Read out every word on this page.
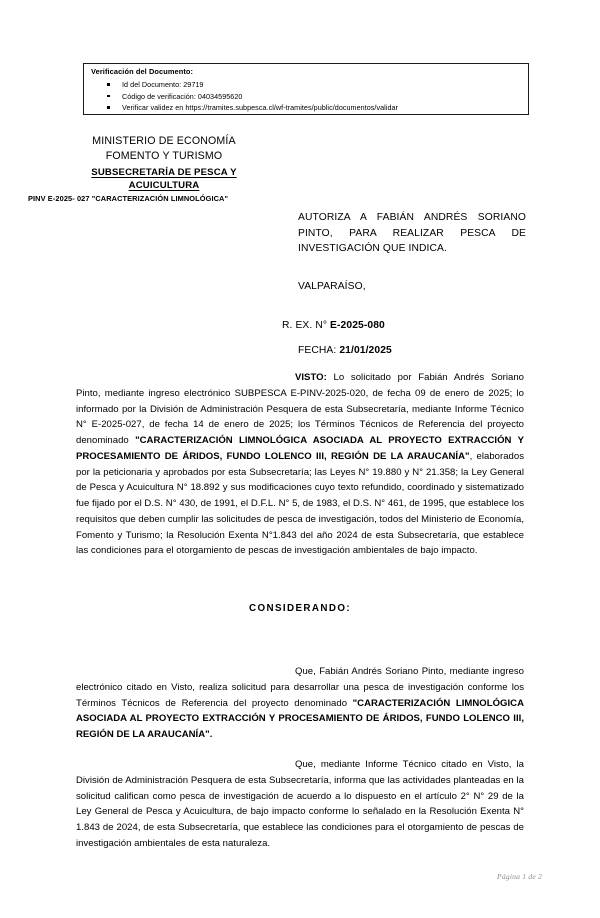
Verificación del Documento:
Id del Documento: 29719
Código de verificación: 04034595620
Verificar validez en https://tramites.subpesca.cl/wf-tramites/public/documentos/validar
MINISTERIO DE ECONOMÍA
FOMENTO Y TURISMO
SUBSECRETARÍA DE PESCA Y
ACUICULTURA
PINV E-2025- 027 "CARACTERIZACIÓN LIMNOLÓGICA"
AUTORIZA A FABIÁN ANDRÉS SORIANO PINTO, PARA REALIZAR PESCA DE INVESTIGACIÓN QUE INDICA.
VALPARAÍSO,
R. EX. N° E-2025-080
FECHA: 21/01/2025
VISTO: Lo solicitado por Fabián Andrés Soriano Pinto, mediante ingreso electrónico SUBPESCA E-PINV-2025-020, de fecha 09 de enero de 2025; lo informado por la División de Administración Pesquera de esta Subsecretaría, mediante Informe Técnico N° E-2025-027, de fecha 14 de enero de 2025; los Términos Técnicos de Referencia del proyecto denominado "CARACTERIZACIÓN LIMNOLÓGICA ASOCIADA AL PROYECTO EXTRACCIÓN Y PROCESAMIENTO DE ÁRIDOS, FUNDO LOLENCO III, REGIÓN DE LA ARAUCANÍA", elaborados por la peticionaria y aprobados por esta Subsecretaría; las Leyes N° 19.880 y N° 21.358; la Ley General de Pesca y Acuicultura N° 18.892 y sus modificaciones cuyo texto refundido, coordinado y sistematizado fue fijado por el D.S. N° 430, de 1991, el D.F.L. N° 5, de 1983, el D.S. N° 461, de 1995, que establece los requisitos que deben cumplir las solicitudes de pesca de investigación, todos del Ministerio de Economía, Fomento y Turismo; la Resolución Exenta N°1.843 del año 2024 de esta Subsecretaría, que establece las condiciones para el otorgamiento de pescas de investigación ambientales de bajo impacto.
CONSIDERANDO:
Que, Fabián Andrés Soriano Pinto, mediante ingreso electrónico citado en Visto, realiza solicitud para desarrollar una pesca de investigación conforme los Términos Técnicos de Referencia del proyecto denominado "CARACTERIZACIÓN LIMNOLÓGICA ASOCIADA AL PROYECTO EXTRACCIÓN Y PROCESAMIENTO DE ÁRIDOS, FUNDO LOLENCO III, REGIÓN DE LA ARAUCANÍA".
Que, mediante Informe Técnico citado en Visto, la División de Administración Pesquera de esta Subsecretaría, informa que las actividades planteadas en la solicitud califican como pesca de investigación de acuerdo a lo dispuesto en el artículo 2° N° 29 de la Ley General de Pesca y Acuicultura, de bajo impacto conforme lo señalado en la Resolución Exenta N° 1.843 de 2024, de esta Subsecretaría, que establece las condiciones para el otorgamiento de pescas de investigación ambientales de esta naturaleza.
Página 1 de 2
